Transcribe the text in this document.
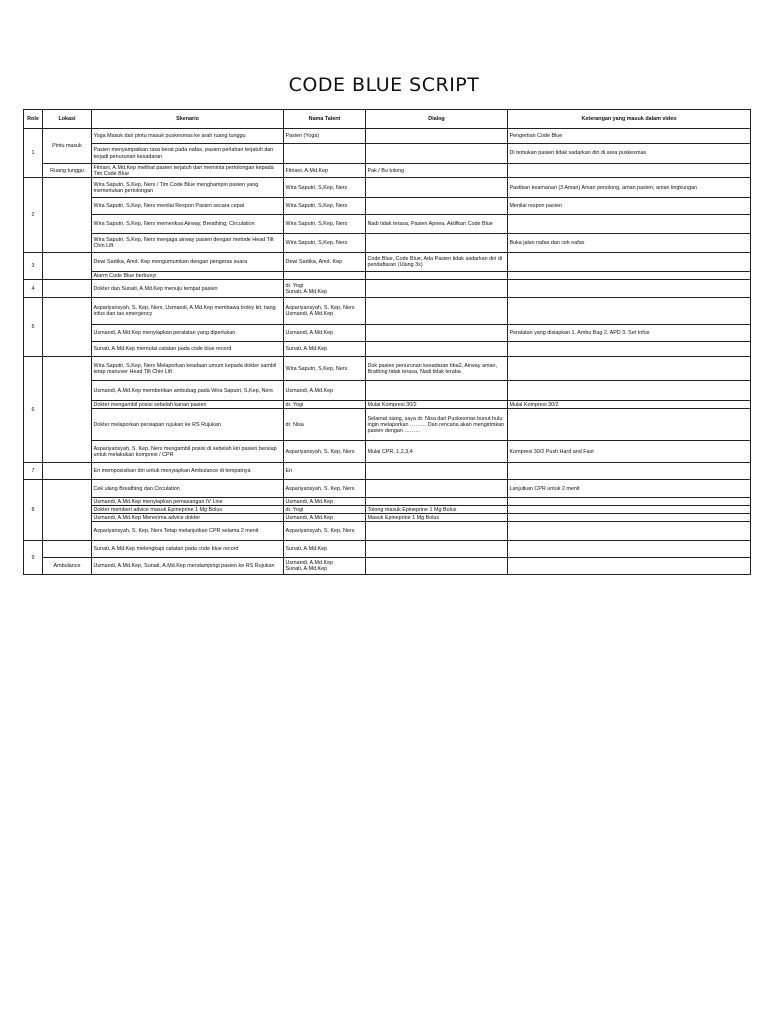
CODE BLUE SCRIPT
Role	Lokasi	Skenario	Nama Talent	Dialog	Keterangan yang masuk dalam video
1	Pintu masuk	Yoga Masuk dari pintu masuk puskesmas ke arah ruang tunggu	Pasien (Yoga)		Pengertian Code Blue
		Pasien menyampaikan rasa berat pada nafas, pasien perlahan terjatuh dan terjadi penurunan kesadaran			Di temukan pasien tidak sadarkan diri di area puskesmas
	Ruang tunggu	Fitriani, A.Md.Kep melihat pasien terjatuh dan meminta pertolongan kepada Tim Code Blue	Fitriani, A.Md.Kep	Pak / Bu tolong	
2		Wira Saputri, S,Kep, Ners / Tim Code Blue menghampiri pasien yang memerlukan pertolongan	Wira Saputri, S,Kep, Ners		Pastikan keamanan (3 Aman) Aman penolong, aman pasien, aman lingkungan
		Wira Saputri, S,Kep, Ners menilai Respon Pasien secara cepat	Wira Saputri, S,Kep, Ners		Menilai respon pasien
		Wira Saputri, S,Kep, Ners memeriksa Airway, Breathing, Circulation	Wira Saputri, S,Kep, Ners	Nadi tidak terasa, Pasien Apnea, Aktifkan Code Blue	
		Wira Saputri, S,Kep, Ners menjaga airway pasien dengan metode Head Tilt Chin Lift	Wira Saputri, S,Kep, Ners		Buka jalan nafas dan cek nafas
3		Dewi Sartika, Amd. Kep mengumumkan dengan pengeras suara	Dewi Sartika, Amd. Kep	Code Blue, Code Blue, Ada Pasien tidak sadarkan diri di pendaftaran (Ulang 3x)	
		Alarm Code Blue berbunyi			
4		Dokter dan Sunati, A.Md.Kep menuju tempat pasien	dr. Yogi
Sunati, A.Md.Kep		
5		Aspariyansyah, S. Kep, Ners, Usmandi, A.Md.Kep membawa troley kit, tiang infus dan tas emergency	Aspariyansyah, S. Kep, Ners
Usmandi, A.Md.Kep		
		Usmandi, A.Md.Kep menyiapkan peralatan yang diperlukan	Usmandi, A.Md.Kep		Peralatan yang disiapkan 1. Ambu Bag 2. APD 3. Set Infus
		Sunati, A.Md.Kep memulai catatan pada code blue record	Sunati, A.Md.Kep		
6		Wira Saputri, S,Kep, Ners Melaporkan keadaan umum kepada dokter sambil tetap manuver Head Tilt Chin Lift	Wira Saputri, S,Kep, Ners	Dok pasien penurunan kesadaran tiba2, Airway aman, Brathing tidak terasa, Nadi tidak teraba	
		Usmandi, A.Md.Kep memberikan ambubag pada Wira Saputri, S,Kep, Ners	Usmandi, A.Md.Kep		
		Dokter mengambil posisi sebelah kanan pasien	dr. Yogi	Mulai Kompresi 30/2	Mulai Kompresi 30/2
		Dokter melaporkan persiapan rujukan ke RS Rujukan	dr. Nisa	Selamat siang, saya dr. Nisa dari Puskesmas bunut hulu ingin melaporkan ……… Dan rencana akan mengirimkan pasien dengan ………	
		Aspariyansyah, S. Kep, Ners mengambil posisi di sebelah kiri pasien bersiap untuk melakukan kompresi / CPR	Aspariyansyah, S. Kep, Ners	Mulai CPR, 1,2,3,4	Kompresi 30/2 Push Hard and Fast
7		Eri memposisikan diri untuk menyiapkan Ambulance di tempatnya	Eri		
8		Cek ulang Breathing dan Circulation	Aspariyansyah, S. Kep, Ners		Lanjutkan CPR untuk 2 menit
		Usmandi, A.Md.Kep menyiapkan pemasangan IV Line	Usmandi, A.Md.Kep		
		Dokter memberi advice masuk Epineprine 1 Mg Bolus	dr. Yogi	Tolong masuk Epineprine 1 Mg Bolus	
		Usmandi, A.Md.Kep Menerima advice dokter	Usmandi, A.Md.Kep	Masuk Epineprine 1 Mg Bolus	
		Aspariyansyah, S. Kep, Ners Tetap melanjutkan CPR selama 2 menit	Aspariyansyah, S. Kep, Ners		
9		Sunati, A.Md.Kep melengkapi catatan pada code blue record	Sunati, A.Md.Kep		
	Ambulance	Usmandi, A.Md.Kep, Sunati, A.Md.Kep mendampingi pasien ke RS Rujukan	Usmandi, A.Md.Kep
Sunati, A.Md.Kep		
